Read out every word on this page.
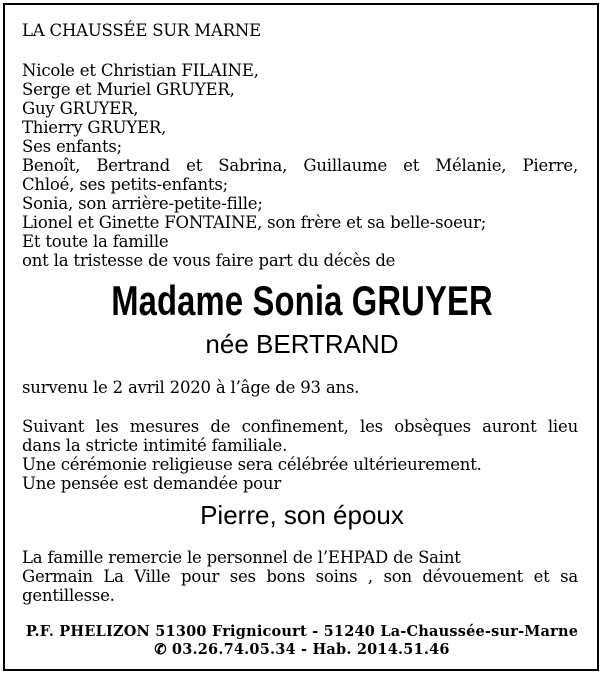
LA CHAUSSÉE SUR MARNE
Nicole et Christian FILAINE,
Serge et Muriel GRUYER,
Guy GRUYER,
Thierry GRUYER,
Ses enfants;
Benoît, Bertrand et Sabrina, Guillaume et Mélanie, Pierre,
Chloé, ses petits-enfants;
Sonia, son arrière-petite-fille;
Lionel et Ginette FONTAINE, son frère et sa belle-soeur;
Et toute la famille
ont la tristesse de vous faire part du décès de
Madame Sonia GRUYER
née BERTRAND
survenu le 2 avril 2020 à l’âge de 93 ans.
Suivant les mesures de confinement, les obsèques auront lieu
dans la stricte intimité familiale.
Une cérémonie religieuse sera célébrée ultérieurement.
Une pensée est demandée pour
Pierre, son époux
La famille remercie le personnel de l’EHPAD de Saint
Germain La Ville pour ses bons soins , son dévouement et sa
gentillesse.
P.F. PHELIZON 51300 Frignicourt - 51240 La-Chaussée-sur-Marne
✆ 03.26.74.05.34 - Hab. 2014.51.46
